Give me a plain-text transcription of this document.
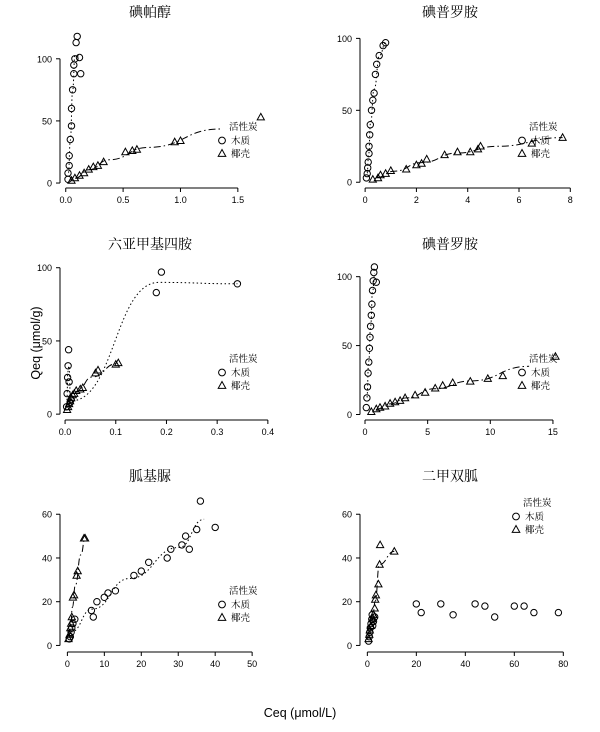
碘帕醇
0.0	0.5	1.0	1.5
0
50
100
活性炭
木质
椰壳
碘普罗胺
0	2	4	6	8
0
50
100
活性炭
木质
椰壳
六亚甲基四胺
0.0	0.1	0.2	0.3	0.4
0
50
100
活性炭
木质
椰壳
碘普罗胺
0	5	10	15
0
50
100
活性炭
木质
椰壳
胍基脲
0	10	20	30	40	50
0
20
40
60
活性炭
木质
椰壳
二甲双胍
0	20	40	60	80
0
20
40
60
活性炭
木质
椰壳
Qeq (μmol/g)
Ceq (μmol/L)
